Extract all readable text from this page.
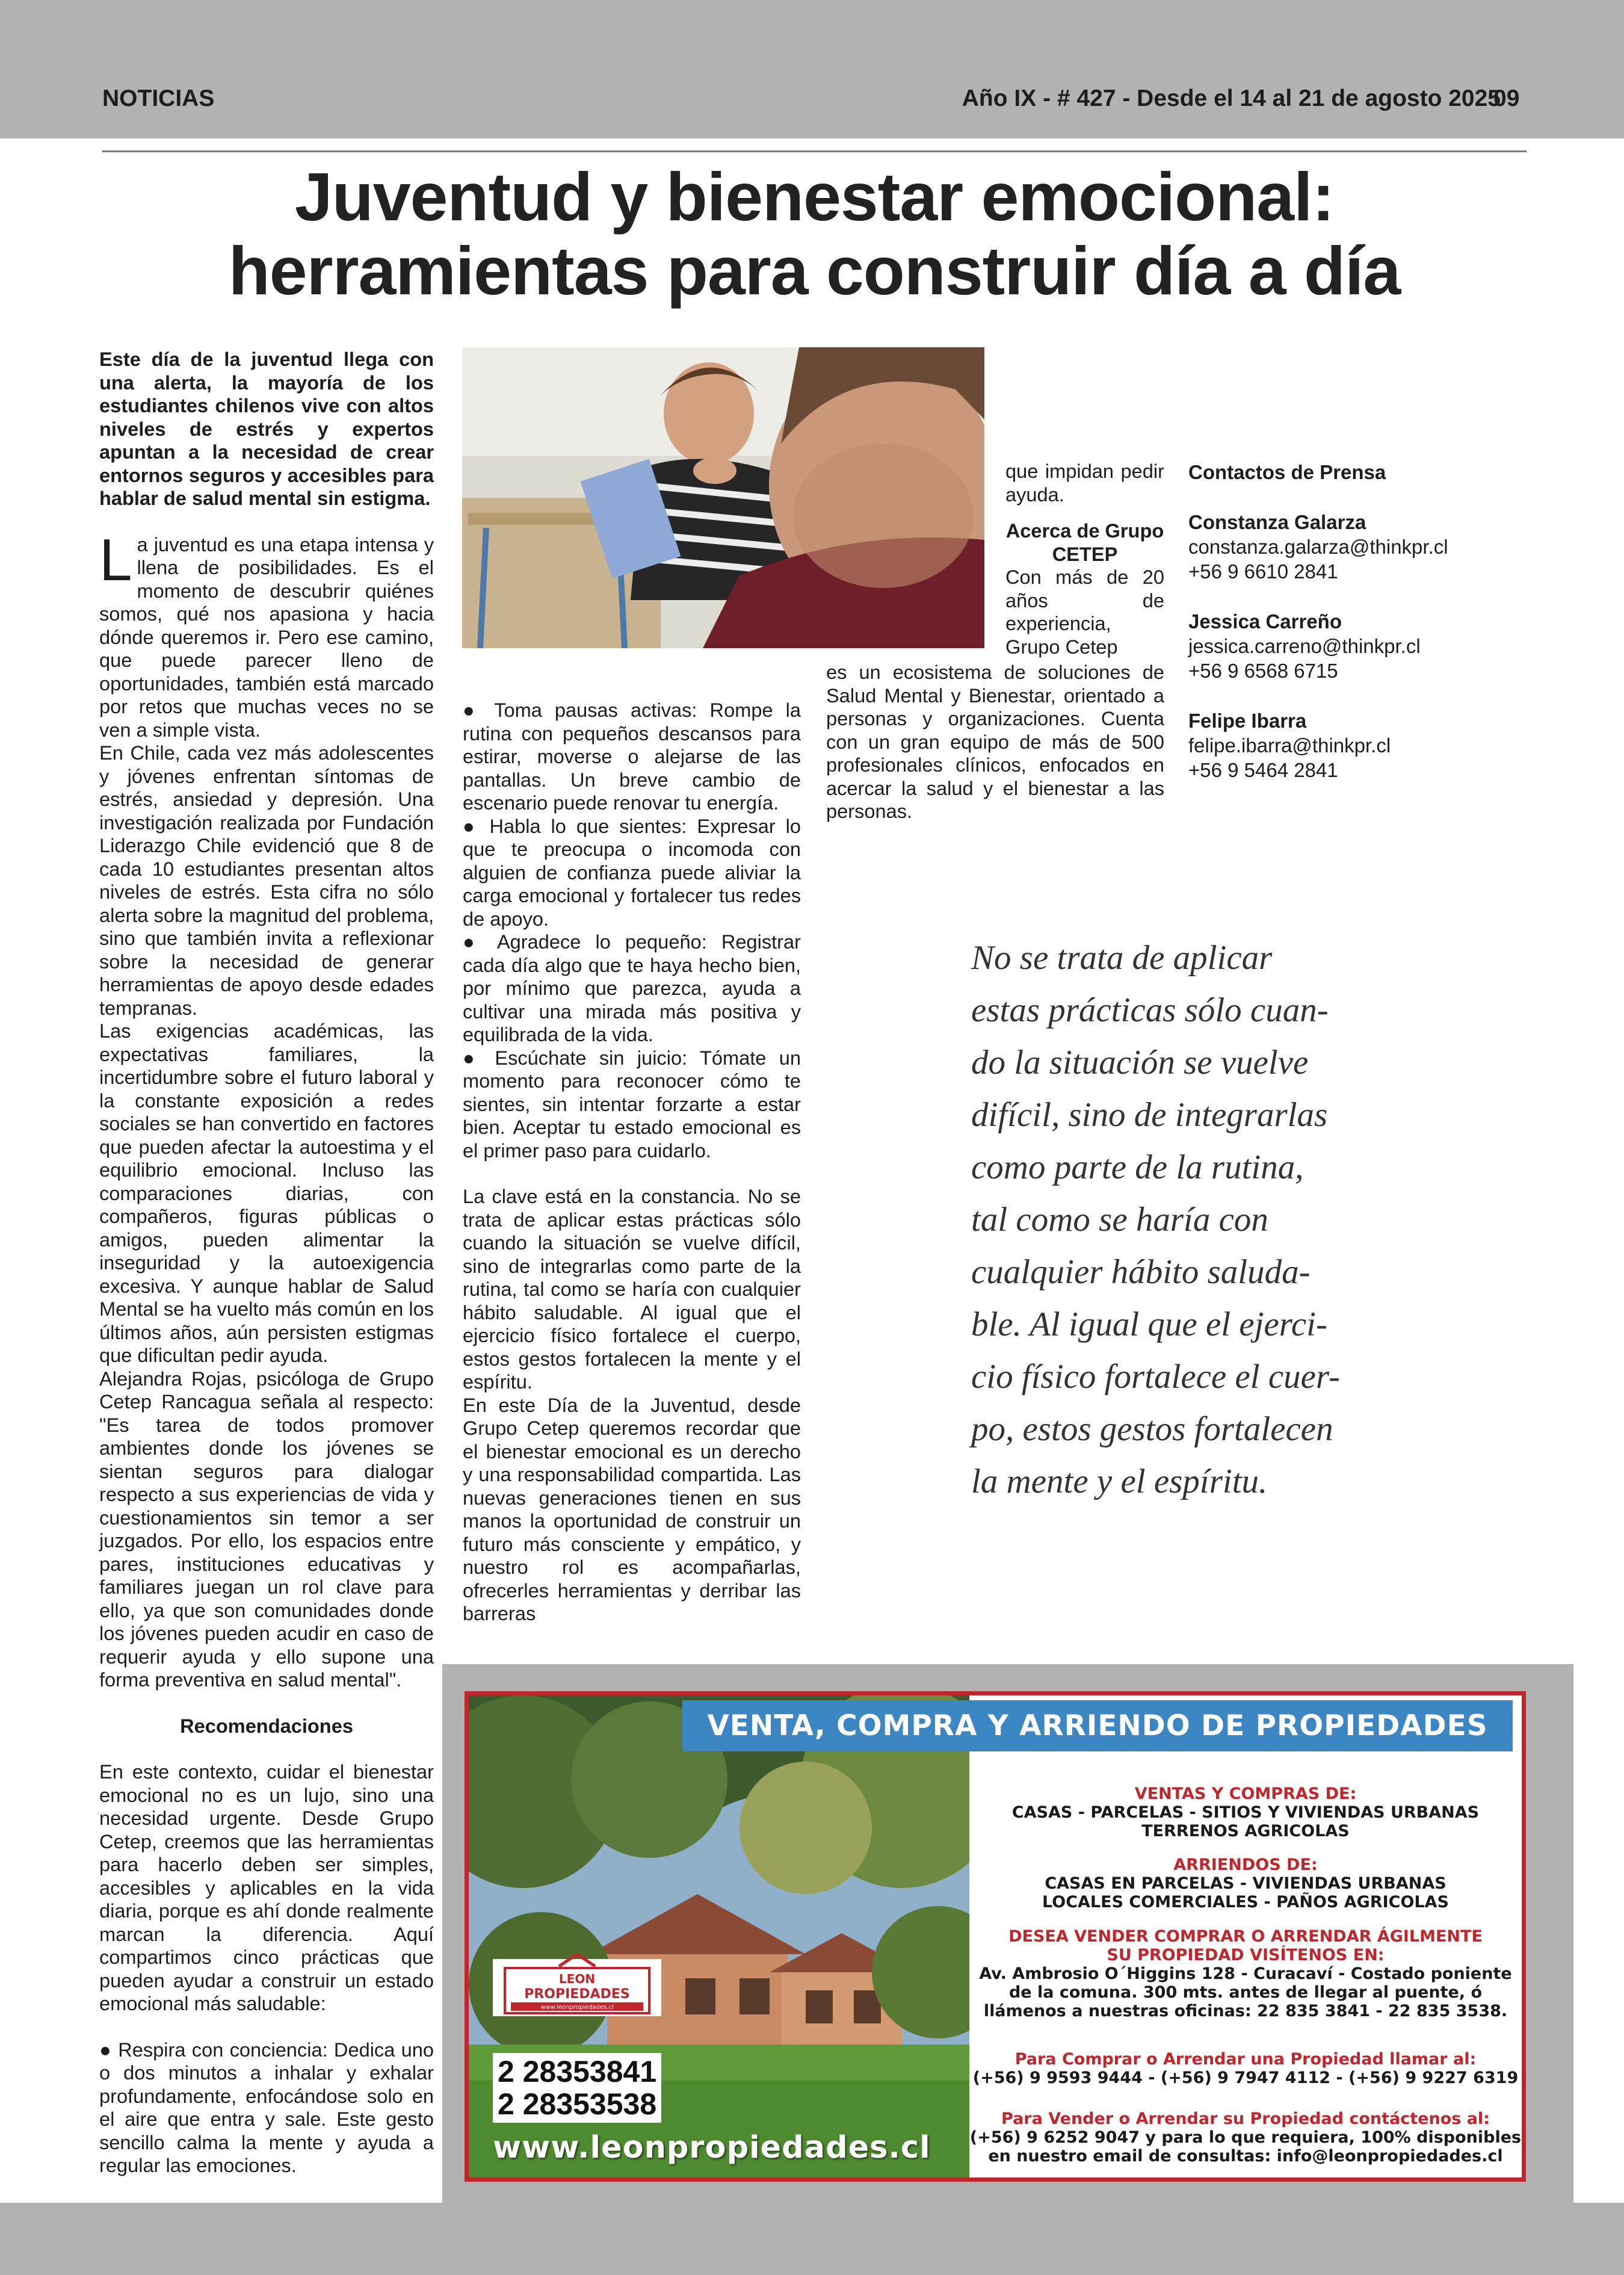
NOTICIAS	Año IX - # 427 - Desde el 14 al 21 de agosto 2025
09
Juventud y bienestar emocional:
herramientas para construir día a día

Este día de la juventud llega con una alerta, la mayoría de los estudiantes chilenos vive con altos niveles de estrés y expertos apuntan a la necesidad de crear entornos seguros y accesibles para hablar de salud mental sin estigma.

La juventud es una etapa intensa y llena de posibilidades. Es el momento de descubrir quiénes somos, qué nos apasiona y hacia dónde queremos ir. Pero ese camino, que puede parecer lleno de oportunidades, también está marcado por retos que muchas veces no se ven a simple vista.

En Chile, cada vez más adolescentes y jóvenes enfrentan síntomas de estrés, ansiedad y depresión. Una investigación realizada por Fundación Liderazgo Chile evidenció que 8 de cada 10 estudiantes presentan altos niveles de estrés. Esta cifra no sólo alerta sobre la magnitud del problema, sino que también invita a reflexionar sobre la necesidad de generar herramientas de apoyo desde edades tempranas.

Las exigencias académicas, las expectativas familiares, la incertidumbre sobre el futuro laboral y la constante exposición a redes sociales se han convertido en factores que pueden afectar la autoestima y el equilibrio emocional. Incluso las comparaciones diarias, con compañeros, figuras públicas o amigos, pueden alimentar la inseguridad y la autoexigencia excesiva. Y aunque hablar de Salud Mental se ha vuelto más común en los últimos años, aún persisten estigmas que dificultan pedir ayuda.

Alejandra Rojas, psicóloga de Grupo Cetep Rancagua señala al respecto: "Es tarea de todos promover ambientes donde los jóvenes se sientan seguros para dialogar respecto a sus experiencias de vida y cuestionamientos sin temor a ser juzgados. Por ello, los espacios entre pares, instituciones educativas y familiares juegan un rol clave para ello, ya que son comunidades donde los jóvenes pueden acudir en caso de requerir ayuda y ello supone una forma preventiva en salud mental".

Recomendaciones

En este contexto, cuidar el bienestar emocional no es un lujo, sino una necesidad urgente. Desde Grupo Cetep, creemos que las herramientas para hacerlo deben ser simples, accesibles y aplicables en la vida diaria, porque es ahí donde realmente marcan la diferencia. Aquí compartimos cinco prácticas que pueden ayudar a construir un estado emocional más saludable:

● Respira con conciencia: Dedica uno o dos minutos a inhalar y exhalar profundamente, enfocándose solo en el aire que entra y sale. Este gesto sencillo calma la mente y ayuda a regular las emociones.

● Toma pausas activas: Rompe la rutina con pequeños descansos para estirar, moverse o alejarse de las pantallas. Un breve cambio de escenario puede renovar tu energía.

● Habla lo que sientes: Expresar lo que te preocupa o incomoda con alguien de confianza puede aliviar la carga emocional y fortalecer tus redes de apoyo.

● Agradece lo pequeño: Registrar cada día algo que te haya hecho bien, por mínimo que parezca, ayuda a cultivar una mirada más positiva y equilibrada de la vida.

● Escúchate sin juicio: Tómate un momento para reconocer cómo te sientes, sin intentar forzarte a estar bien. Aceptar tu estado emocional es el primer paso para cuidarlo.

La clave está en la constancia. No se trata de aplicar estas prácticas sólo cuando la situación se vuelve difícil, sino de integrarlas como parte de la rutina, tal como se haría con cualquier hábito saludable. Al igual que el ejercicio físico fortalece el cuerpo, estos gestos fortalecen la mente y el espíritu.

En este Día de la Juventud, desde Grupo Cetep queremos recordar que el bienestar emocional es un derecho y una responsabilidad compartida. Las nuevas generaciones tienen en sus manos la oportunidad de construir un futuro más consciente y empático, y nuestro rol es acompañarlas, ofrecerles herramientas y derribar las barreras

que impidan pedir ayuda.

Acerca de Grupo CETEP

Con más de 20 años de experiencia, Grupo Cetep

es un ecosistema de soluciones de Salud Mental y Bienestar, orientado a personas y organizaciones. Cuenta con un gran equipo de más de 500 profesionales clínicos, enfocados en acercar la salud y el bienestar a las personas.

Contactos de Prensa
Constanza Galarza
constanza.galarza@thinkpr.cl
+56 9 6610 2841
Jessica Carreño
jessica.carreno@thinkpr.cl
+56 9 6568 6715
Felipe Ibarra
felipe.ibarra@thinkpr.cl
+56 9 5464 2841
No se trata de aplicar
estas prácticas sólo cuan-
do la situación se vuelve
difícil, sino de integrarlas
como parte de la rutina,
tal como se haría con
cualquier hábito saluda-
ble. Al igual que el ejerci-
cio físico fortalece el cuer-
po, estos gestos fortalecen
la mente y el espíritu.
VENTA, COMPRA Y ARRIENDO DE PROPIEDADES
VENTAS Y COMPRAS DE:
CASAS - PARCELAS - SITIOS Y VIVIENDAS URBANAS
TERRENOS AGRICOLAS
ARRIENDOS DE:
CASAS EN PARCELAS - VIVIENDAS URBANAS
LOCALES COMERCIALES - PAÑOS AGRICOLAS
DESEA VENDER COMPRAR O ARRENDAR ÁGILMENTE
SU PROPIEDAD VISÍTENOS EN:
Av. Ambrosio O´Higgins 128 - Curacaví - Costado poniente
de la comuna. 300 mts. antes de llegar al puente, ó
llámenos a nuestras oficinas: 22 835 3841 - 22 835 3538.
Para Comprar o Arrendar una Propiedad llamar al:
(+56) 9 9593 9444 - (+56) 9 7947 4112 - (+56) 9 9227 6319
Para Vender o Arrendar su Propiedad contáctenos al:
(+56) 9 6252 9047 y para lo que requiera, 100% disponibles
en nuestro email de consultas: info@leonpropiedades.cl
LEON
PROPIEDADES
www.leonpropiedades.cl
2 28353841
2 28353538
www.leonpropiedades.cl
